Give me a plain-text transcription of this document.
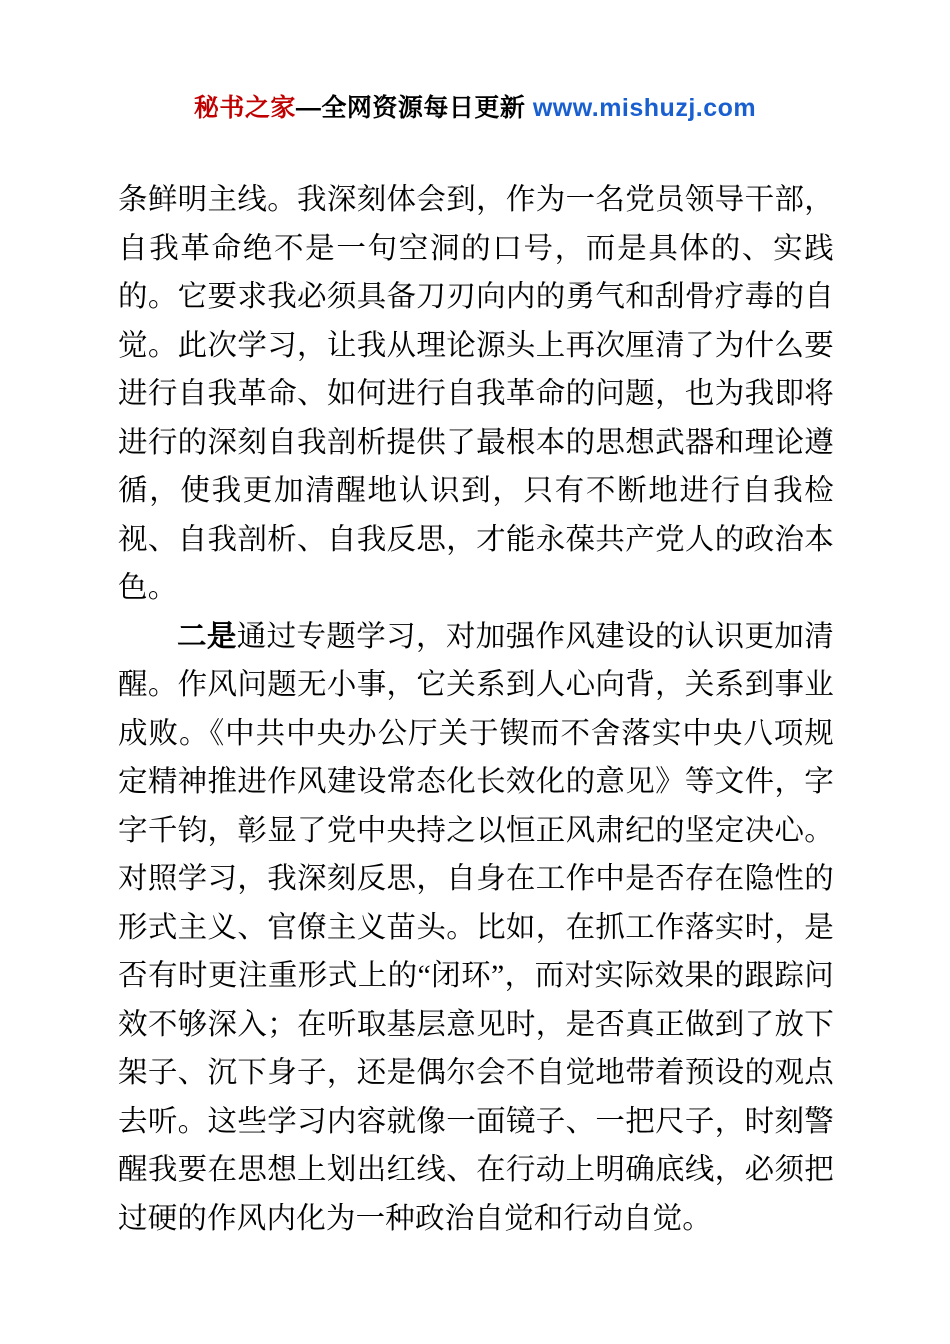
秘书之家—全网资源每日更新 www.mishuzj.com

条鲜明主线。我深刻体会到，作为一名党员领导干部，自我革命绝不是一句空洞的口号，而是具体的、实践的。它要求我必须具备刀刃向内的勇气和刮骨疗毒的自觉。此次学习，让我从理论源头上再次厘清了为什么要进行自我革命、如何进行自我革命的问题，也为我即将进行的深刻自我剖析提供了最根本的思想武器和理论遵循，使我更加清醒地认识到，只有不断地进行自我检视、自我剖析、自我反思，才能永葆共产党人的政治本色。

二是通过专题学习，对加强作风建设的认识更加清醒。作风问题无小事，它关系到人心向背，关系到事业成败。《中共中央办公厅关于锲而不舍落实中央八项规定精神推进作风建设常态化长效化的意见》等文件，字字千钧，彰显了党中央持之以恒正风肃纪的坚定决心。对照学习，我深刻反思，自身在工作中是否存在隐性的形式主义、官僚主义苗头。比如，在抓工作落实时，是否有时更注重形式上的“闭环”，而对实际效果的跟踪问效不够深入；在听取基层意见时，是否真正做到了放下架子、沉下身子，还是偶尔会不自觉地带着预设的观点去听。这些学习内容就像一面镜子、一把尺子，时刻警醒我要在思想上划出红线、在行动上明确底线，必须把过硬的作风内化为一种政治自觉和行动自觉。
